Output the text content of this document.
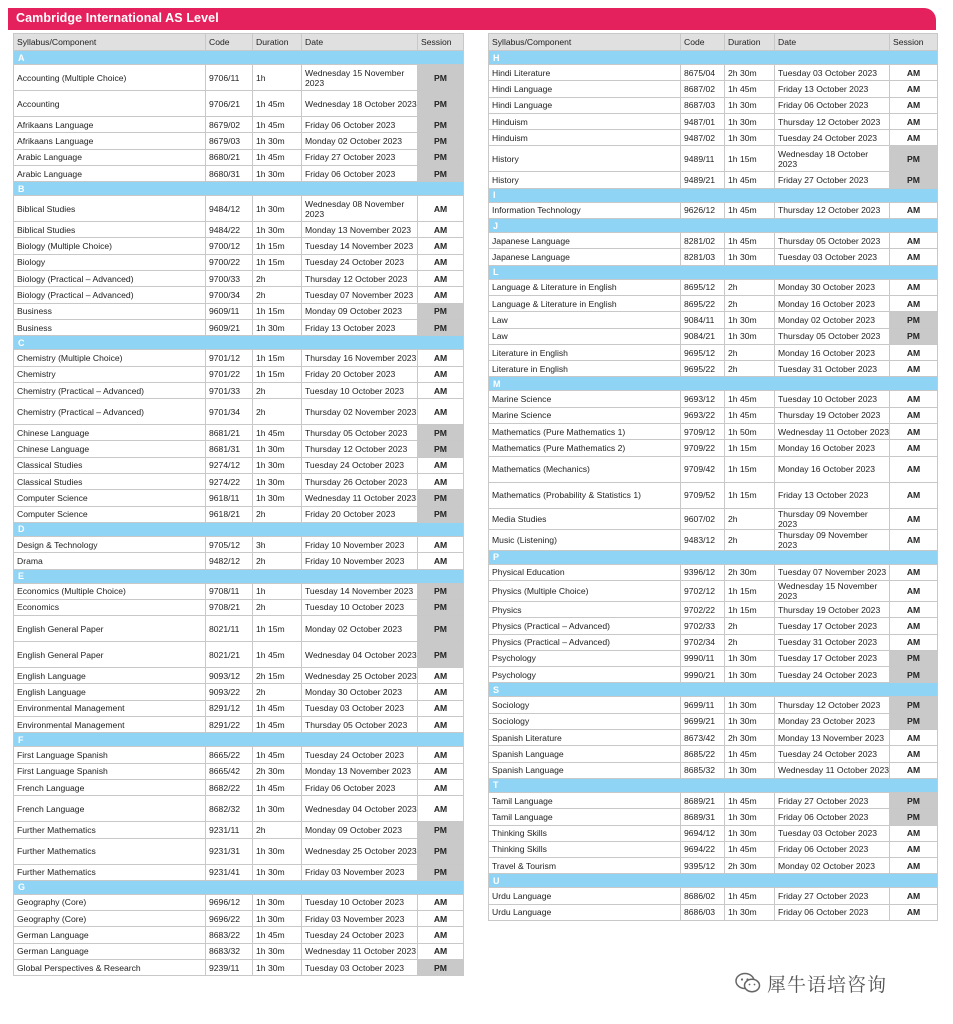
Cambridge International AS Level
Syllabus/Component	Code	Duration	Date	Session
A				
Accounting (Multiple Choice)	9706/11	1h	Wednesday 15 November 2023	PM
Accounting	9706/21	1h 45m	Wednesday 18 October 2023	PM
Afrikaans Language	8679/02	1h 45m	Friday 06 October 2023	PM
Afrikaans Language	8679/03	1h 30m	Monday 02 October 2023	PM
Arabic Language	8680/21	1h 45m	Friday 27 October 2023	PM
Arabic Language	8680/31	1h 30m	Friday 06 October 2023	PM
B				
Biblical Studies	9484/12	1h 30m	Wednesday 08 November 2023	AM
Biblical Studies	9484/22	1h 30m	Monday 13 November 2023	AM
Biology (Multiple Choice)	9700/12	1h 15m	Tuesday 14 November 2023	AM
Biology	9700/22	1h 15m	Tuesday 24 October 2023	AM
Biology (Practical – Advanced)	9700/33	2h	Thursday 12 October 2023	AM
Biology (Practical – Advanced)	9700/34	2h	Tuesday 07 November 2023	AM
Business	9609/11	1h 15m	Monday 09 October 2023	PM
Business	9609/21	1h 30m	Friday 13 October 2023	PM
C				
Chemistry (Multiple Choice)	9701/12	1h 15m	Thursday 16 November 2023	AM
Chemistry	9701/22	1h 15m	Friday 20 October 2023	AM
Chemistry (Practical – Advanced)	9701/33	2h	Tuesday 10 October 2023	AM
Chemistry (Practical – Advanced)	9701/34	2h	Thursday 02 November 2023	AM
Chinese Language	8681/21	1h 45m	Thursday 05 October 2023	PM
Chinese Language	8681/31	1h 30m	Thursday 12 October 2023	PM
Classical Studies	9274/12	1h 30m	Tuesday 24 October 2023	AM
Classical Studies	9274/22	1h 30m	Thursday 26 October 2023	AM
Computer Science	9618/11	1h 30m	Wednesday 11 October 2023	PM
Computer Science	9618/21	2h	Friday 20 October 2023	PM
D				
Design & Technology	9705/12	3h	Friday 10 November 2023	AM
Drama	9482/12	2h	Friday 10 November 2023	AM
E				
Economics (Multiple Choice)	9708/11	1h	Tuesday 14 November 2023	PM
Economics	9708/21	2h	Tuesday 10 October 2023	PM
English General Paper	8021/11	1h 15m	Monday 02 October 2023	PM
English General Paper	8021/21	1h 45m	Wednesday 04 October 2023	PM
English Language	9093/12	2h 15m	Wednesday 25 October 2023	AM
English Language	9093/22	2h	Monday 30 October 2023	AM
Environmental Management	8291/12	1h 45m	Tuesday 03 October 2023	AM
Environmental Management	8291/22	1h 45m	Thursday 05 October 2023	AM
F				
First Language Spanish	8665/22	1h 45m	Tuesday 24 October 2023	AM
First Language Spanish	8665/42	2h 30m	Monday 13 November 2023	AM
French Language	8682/22	1h 45m	Friday 06 October 2023	AM
French Language	8682/32	1h 30m	Wednesday 04 October 2023	AM
Further Mathematics	9231/11	2h	Monday 09 October 2023	PM
Further Mathematics	9231/31	1h 30m	Wednesday 25 October 2023	PM
Further Mathematics	9231/41	1h 30m	Friday 03 November 2023	PM
G				
Geography (Core)	9696/12	1h 30m	Tuesday 10 October 2023	AM
Geography (Core)	9696/22	1h 30m	Friday 03 November 2023	AM
German Language	8683/22	1h 45m	Tuesday 24 October 2023	AM
German Language	8683/32	1h 30m	Wednesday 11 October 2023	AM
Global Perspectives & Research	9239/11	1h 30m	Tuesday 03 October 2023	PM
Syllabus/Component	Code	Duration	Date	Session
H				
Hindi Literature	8675/04	2h 30m	Tuesday 03 October 2023	AM
Hindi Language	8687/02	1h 45m	Friday 13 October 2023	AM
Hindi Language	8687/03	1h 30m	Friday 06 October 2023	AM
Hinduism	9487/01	1h 30m	Thursday 12 October 2023	AM
Hinduism	9487/02	1h 30m	Tuesday 24 October 2023	AM
History	9489/11	1h 15m	Wednesday 18 October 2023	PM
History	9489/21	1h 45m	Friday 27 October 2023	PM
I				
Information Technology	9626/12	1h 45m	Thursday 12 October 2023	AM
J				
Japanese Language	8281/02	1h 45m	Thursday 05 October 2023	AM
Japanese Language	8281/03	1h 30m	Tuesday 03 October 2023	AM
L				
Language & Literature in English	8695/12	2h	Monday 30 October 2023	AM
Language & Literature in English	8695/22	2h	Monday 16 October 2023	AM
Law	9084/11	1h 30m	Monday 02 October 2023	PM
Law	9084/21	1h 30m	Thursday 05 October 2023	PM
Literature in English	9695/12	2h	Monday 16 October 2023	AM
Literature in English	9695/22	2h	Tuesday 31 October 2023	AM
M				
Marine Science	9693/12	1h 45m	Tuesday 10 October 2023	AM
Marine Science	9693/22	1h 45m	Thursday 19 October 2023	AM
Mathematics (Pure Mathematics 1)	9709/12	1h 50m	Wednesday 11 October 2023	AM
Mathematics (Pure Mathematics 2)	9709/22	1h 15m	Monday 16 October 2023	AM
Mathematics (Mechanics)	9709/42	1h 15m	Monday 16 October 2023	AM
Mathematics (Probability & Statistics 1)	9709/52	1h 15m	Friday 13 October 2023	AM
Media Studies	9607/02	2h	Thursday 09 November 2023	AM
Music (Listening)	9483/12	2h	Thursday 09 November 2023	AM
P				
Physical Education	9396/12	2h 30m	Tuesday 07 November 2023	AM
Physics (Multiple Choice)	9702/12	1h 15m	Wednesday 15 November 2023	AM
Physics	9702/22	1h 15m	Thursday 19 October 2023	AM
Physics (Practical – Advanced)	9702/33	2h	Tuesday 17 October 2023	AM
Physics (Practical – Advanced)	9702/34	2h	Tuesday 31 October 2023	AM
Psychology	9990/11	1h 30m	Tuesday 17 October 2023	PM
Psychology	9990/21	1h 30m	Tuesday 24 October 2023	PM
S				
Sociology	9699/11	1h 30m	Thursday 12 October 2023	PM
Sociology	9699/21	1h 30m	Monday 23 October 2023	PM
Spanish Literature	8673/42	2h 30m	Monday 13 November 2023	AM
Spanish Language	8685/22	1h 45m	Tuesday 24 October 2023	AM
Spanish Language	8685/32	1h 30m	Wednesday 11 October 2023	AM
T				
Tamil Language	8689/21	1h 45m	Friday 27 October 2023	PM
Tamil Language	8689/31	1h 30m	Friday 06 October 2023	PM
Thinking Skills	9694/12	1h 30m	Tuesday 03 October 2023	AM
Thinking Skills	9694/22	1h 45m	Friday 06 October 2023	AM
Travel & Tourism	9395/12	2h 30m	Monday 02 October 2023	AM
U				
Urdu Language	8686/02	1h 45m	Friday 27 October 2023	AM
Urdu Language	8686/03	1h 30m	Friday 06 October 2023	AM
犀牛语培咨询
